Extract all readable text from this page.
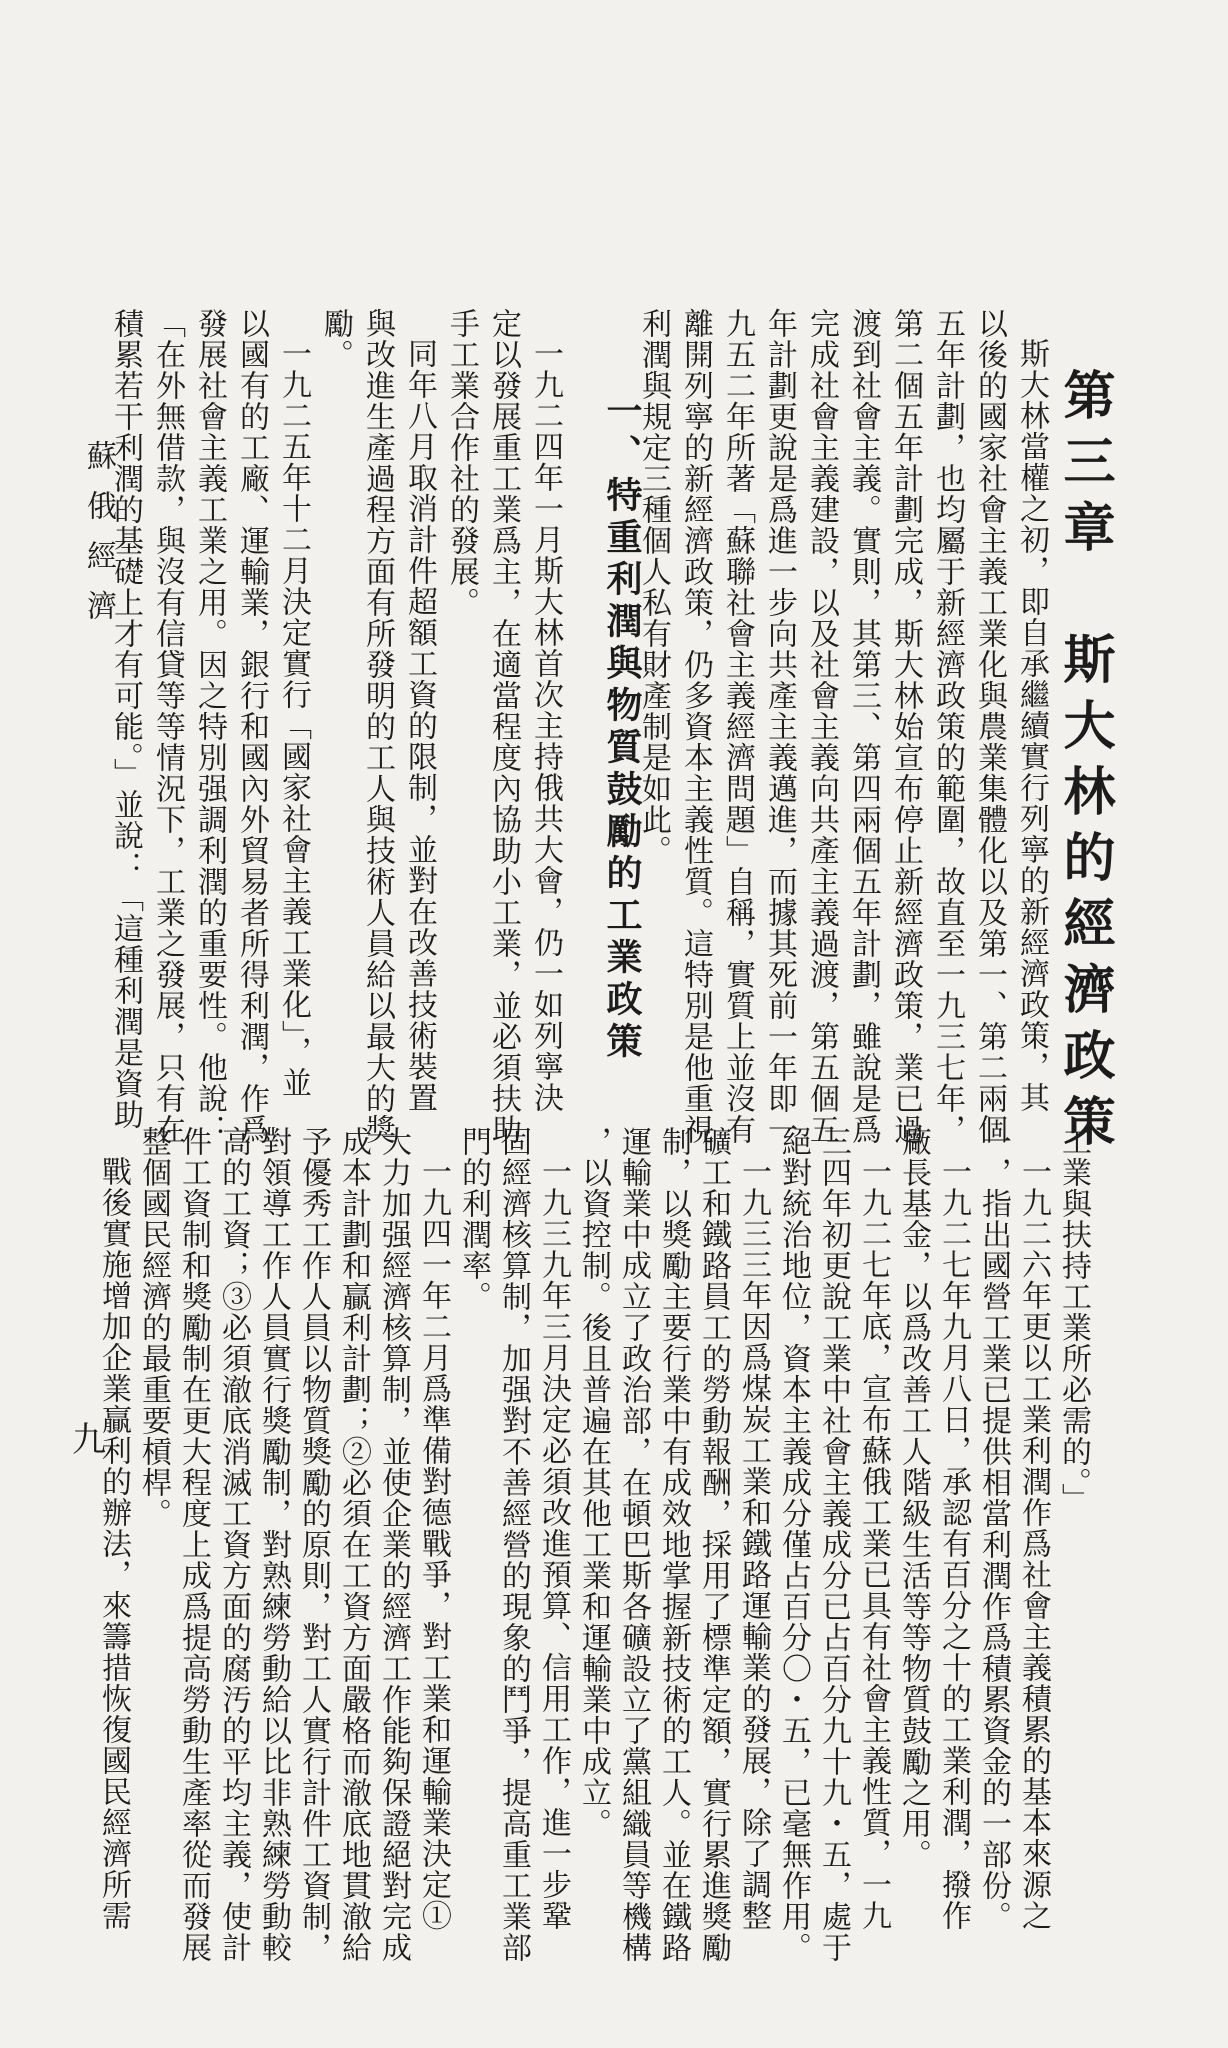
第三章　斯大林的經濟政策
一、特重利潤與物質鼓勵的工業政策
蘇俄經濟
九
斯大林當權之初，即自承繼續實行列寧的新經濟政策，其
以後的國家社會主義工業化與農業集體化以及第一、第二兩個
五年計劃，也均屬于新經濟政策的範圍，故直至一九三七年，
第二個五年計劃完成，斯大林始宣布停止新經濟政策，業已過
渡到社會主義。實則，其第三、第四兩個五年計劃，雖說是爲
完成社會主義建設，以及社會主義向共產主義過渡，第五個五
年計劃更說是爲進一步向共產主義邁進，而據其死前一年即一
九五二年所著「蘇聯社會主義經濟問題」自稱，實質上並沒有
離開列寧的新經濟政策，仍多資本主義性質。這特別是他重視
利潤與規定三種個人私有財產制是如此。
一九二四年一月斯大林首次主持俄共大會，仍一如列寧決
定以發展重工業爲主，在適當程度內協助小工業，並必須扶助
手工業合作社的發展。
同年八月取消計件超額工資的限制，並對在改善技術裝置
與改進生產過程方面有所發明的工人與技術人員給以最大的獎
勵。
一九二五年十二月決定實行「國家社會主義工業化」，並
以國有的工廠、運輸業，銀行和國內外貿易者所得利潤，作爲
發展社會主義工業之用。因之特別强調利潤的重要性。他說：
「在外無借款，與沒有信貸等等情況下，工業之發展，只有在
積累若干利潤的基礎上才有可能。」並說：「這種利潤是資助
工業與扶持工業所必需的。」
一九二六年更以工業利潤作爲社會主義積累的基本來源之
一，指出國營工業已提供相當利潤作爲積累資金的一部份。
一九二七年九月八日，承認有百分之十的工業利潤，撥作
廠長基金，以爲改善工人階級生活等等物質鼓勵之用。
一九二七年底，宣布蘇俄工業已具有社會主義性質，一九
三四年初更說工業中社會主義成分已占百分九十九・五，處于
絕對統治地位，資本主義成分僅占百分〇・五，已毫無作用。
一九三三年因爲煤炭工業和鐵路運輸業的發展，除了調整
礦工和鐵路員工的勞動報酬，採用了標準定額，實行累進獎勵
制，以獎勵主要行業中有成效地掌握新技術的工人。並在鐵路
運輸業中成立了政治部，在頓巴斯各礦設立了黨組織員等機構
，以資控制。後且普遍在其他工業和運輸業中成立。
一九三九年三月決定必須改進預算、信用工作，進一步鞏
固經濟核算制，加强對不善經營的現象的鬥爭，提高重工業部
門的利潤率。
一九四一年二月爲準備對德戰爭，對工業和運輸業決定①
大力加强經濟核算制，並使企業的經濟工作能夠保證絕對完成
成本計劃和贏利計劃；②必須在工資方面嚴格而澈底地貫澈給
予優秀工作人員以物質獎勵的原則，對工人實行計件工資制，
對領導工作人員實行獎勵制，對熟練勞動給以比非熟練勞動較
高的工資；③必須澈底消滅工資方面的腐汚的平均主義，使計
件工資制和獎勵制在更大程度上成爲提高勞動生產率從而發展
整個國民經濟的最重要槓桿。
戰後實施增加企業贏利的辦法，來籌措恢復國民經濟所需
